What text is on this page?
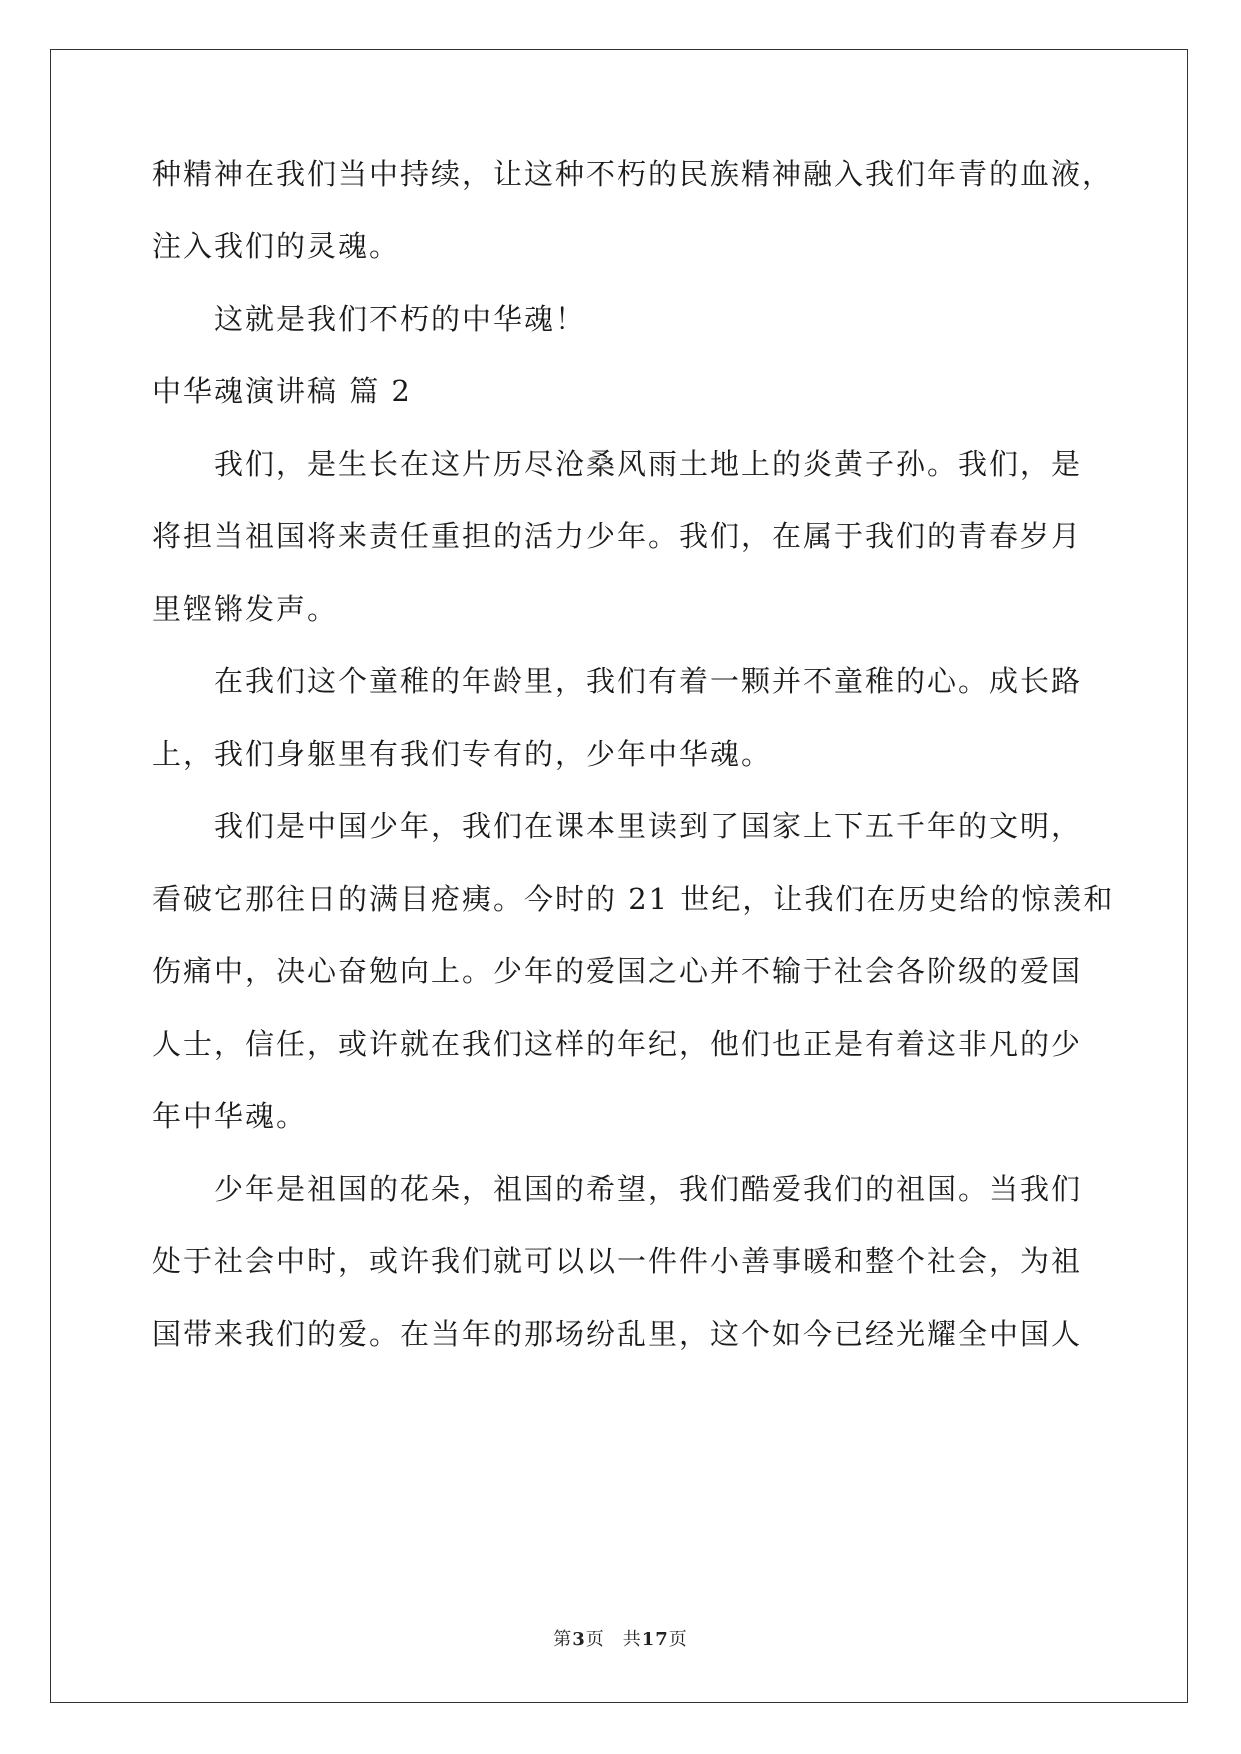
种精神在我们当中持续，让这种不朽的民族精神融入我们年青的血液，
注入我们的灵魂。
这就是我们不朽的中华魂！
中华魂演讲稿 篇 2
我们，是生长在这片历尽沧桑风雨土地上的炎黄子孙。我们，是
将担当祖国将来责任重担的活力少年。我们，在属于我们的青春岁月
里铿锵发声。
在我们这个童稚的年龄里，我们有着一颗并不童稚的心。成长路
上，我们身躯里有我们专有的，少年中华魂。
我们是中国少年，我们在课本里读到了国家上下五千年的文明，
看破它那往日的满目疮痍。今时的 21 世纪，让我们在历史给的惊羡和
伤痛中，决心奋勉向上。少年的爱国之心并不输于社会各阶级的爱国
人士，信任，或许就在我们这样的年纪，他们也正是有着这非凡的少
年中华魂。
少年是祖国的花朵，祖国的希望，我们酷爱我们的祖国。当我们
处于社会中时，或许我们就可以以一件件小善事暖和整个社会，为祖
国带来我们的爱。在当年的那场纷乱里，这个如今已经光耀全中国人
第3页 共17页
